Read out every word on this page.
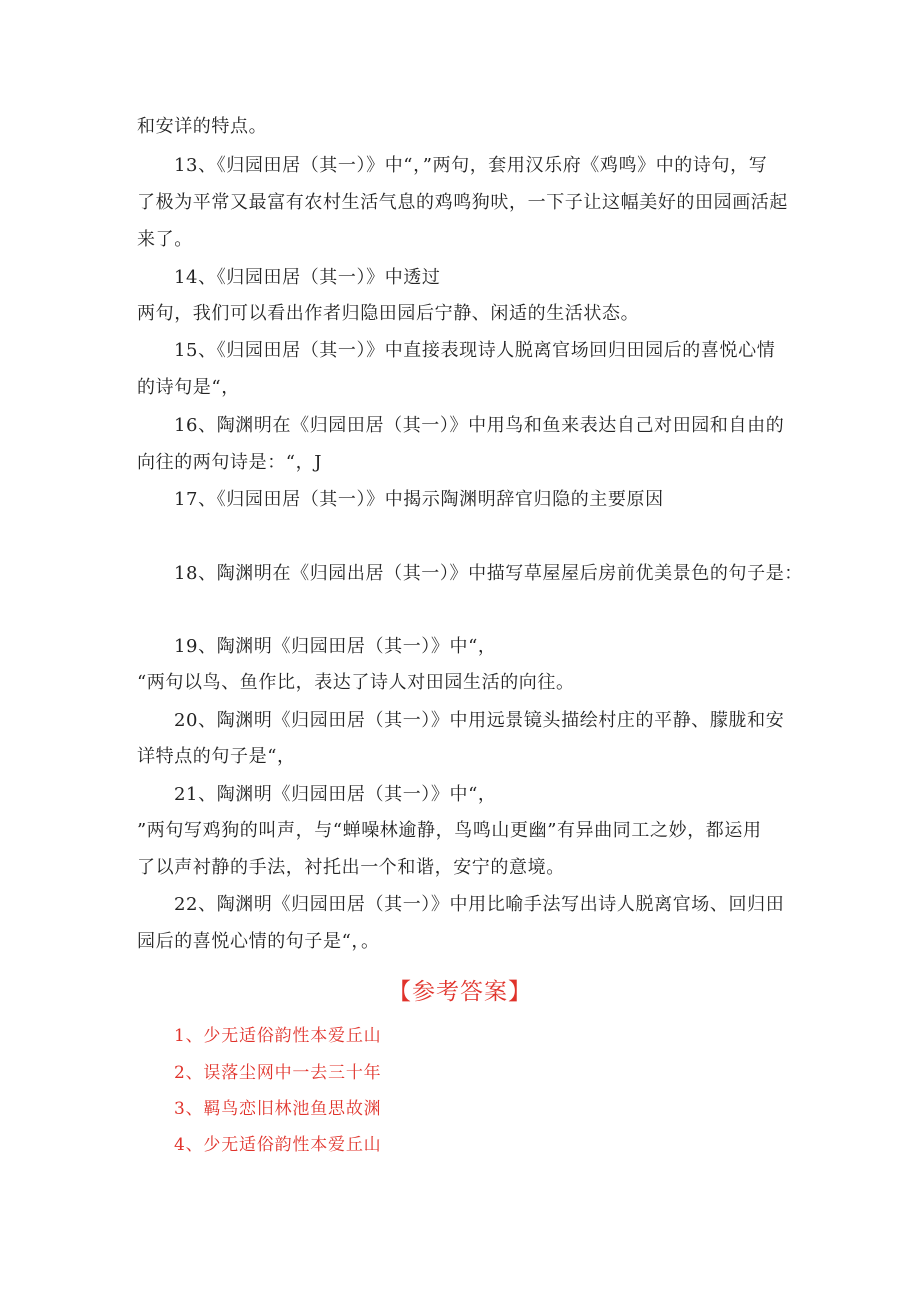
和安详的特点。
13、《归园田居（其一）》中“，”两句，套用汉乐府《鸡鸣》中的诗句，写
了极为平常又最富有农村生活气息的鸡鸣狗吠，一下子让这幅美好的田园画活起
来了。
14、《归园田居（其一）》中透过
两句，我们可以看出作者归隐田园后宁静、闲适的生活状态。
15、《归园田居（其一）》中直接表现诗人脱离官场回归田园后的喜悦心情
的诗句是“，
16、陶渊明在《归园田居（其一）》中用鸟和鱼来表达自己对田园和自由的
向往的两句诗是：“，J
17、《归园田居（其一）》中揭示陶渊明辞官归隐的主要原因
18、陶渊明在《归园出居（其一）》中描写草屋屋后房前优美景色的句子是：
19、陶渊明《归园田居（其一）》中“，
“两句以鸟、鱼作比，表达了诗人对田园生活的向往。
20、陶渊明《归园田居（其一）》中用远景镜头描绘村庄的平静、朦胧和安
详特点的句子是“，
21、陶渊明《归园田居（其一）》中“，
”两句写鸡狗的叫声，与“蝉噪林逾静，鸟鸣山更幽”有异曲同工之妙，都运用
了以声衬静的手法，衬托出一个和谐，安宁的意境。
22、陶渊明《归园田居（其一）》中用比喻手法写出诗人脱离官场、回归田
园后的喜悦心情的句子是“，。
【参考答案】
1、少无适俗韵性本爱丘山
2、误落尘网中一去三十年
3、羁鸟恋旧林池鱼思故渊
4、少无适俗韵性本爱丘山
